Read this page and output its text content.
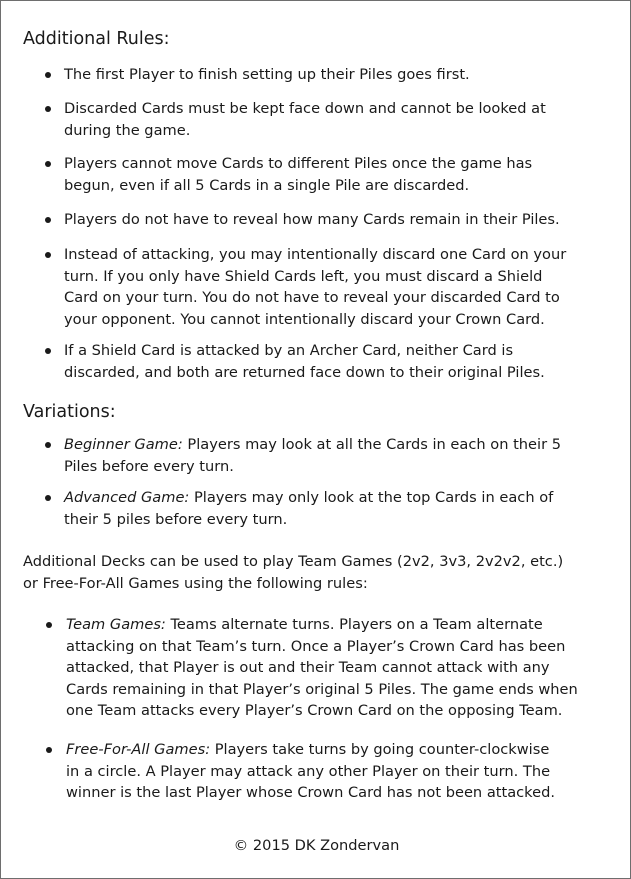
Additional Rules:

The first Player to finish setting up their Piles goes first.

Discarded Cards must be kept face down and cannot be looked at
during the game.

Players cannot move Cards to different Piles once the game has
begun, even if all 5 Cards in a single Pile are discarded.

Players do not have to reveal how many Cards remain in their Piles.

Instead of attacking, you may intentionally discard one Card on your
turn. If you only have Shield Cards left, you must discard a Shield
Card on your turn. You do not have to reveal your discarded Card to
your opponent. You cannot intentionally discard your Crown Card.

If a Shield Card is attacked by an Archer Card, neither Card is
discarded, and both are returned face down to their original Piles.

Variations:

Beginner Game: Players may look at all the Cards in each on their 5
Piles before every turn.

Advanced Game: Players may only look at the top Cards in each of
their 5 piles before every turn.

Additional Decks can be used to play Team Games (2v2, 3v3, 2v2v2, etc.)
or Free-For-All Games using the following rules:

Team Games: Teams alternate turns. Players on a Team alternate
attacking on that Team’s turn. Once a Player’s Crown Card has been
attacked, that Player is out and their Team cannot attack with any
Cards remaining in that Player’s original 5 Piles. The game ends when
one Team attacks every Player’s Crown Card on the opposing Team.

Free-For-All Games: Players take turns by going counter-clockwise
in a circle. A Player may attack any other Player on their turn. The
winner is the last Player whose Crown Card has not been attacked.

© 2015 DK Zondervan
